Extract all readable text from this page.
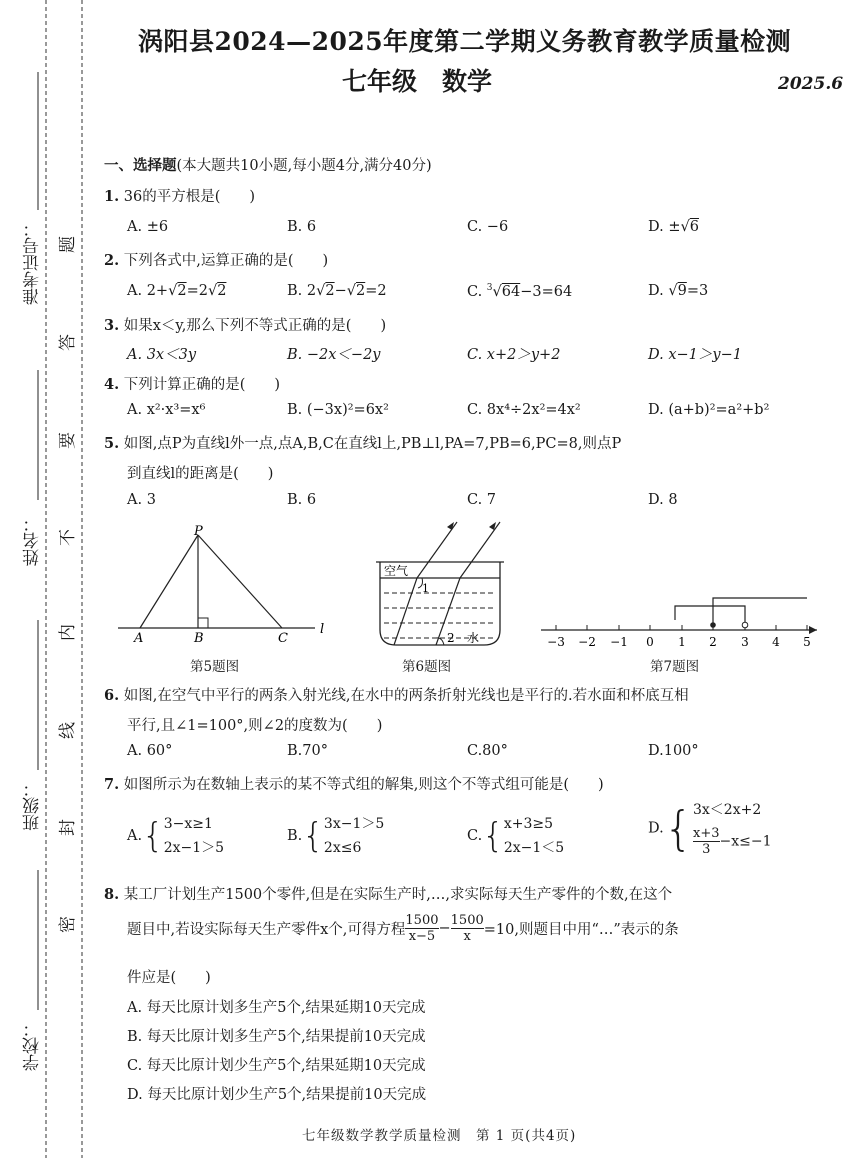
准考证号：
姓名：
班级：
学校：
题
答
要
不
内
线
封
密
涡阳县2024—2025年度第二学期义务教育教学质量检测
七年级　数学	2025.6
一、选择题(本大题共10小题,每小题4分,满分40分)
1. 36的平方根是(　　)
A. ±6	B. 6	C. −6	D. ±√6
2. 下列各式中,运算正确的是(　　)
A. 2+√2=2√2	B. 2√2−√2=2	C. $^3$√64−3=64	D. √9=3
3. 如果x＜y,那么下列不等式正确的是(　　)
A. 3x＜3y	B. −2x＜−2y	C. x+2＞y+2	D. x−1＞y−1
4. 下列计算正确的是(　　)
A. x²·x³=x⁶	B. (−3x)²=6x²	C. 8x⁴÷2x²=4x²	D. (a+b)²=a²+b²
5. 如图,点P为直线l外一点,点A,B,C在直线l上,PB⊥l,PA=7,PB=6,PC=8,则点P
到直线l的距离是(　　)
A. 3	B. 6	C. 7	D. 8
P
A	B	C
l
第5题图
空气
1
2 水
第6题图
−3 −2 −1 0 1 2 3 4 5
第7题图
6. 如图,在空气中平行的两条入射光线,在水中的两条折射光线也是平行的.若水面和杯底互相
平行,且∠1=100°,则∠2的度数为(　　)
A. 60°	B.70°	C.80°	D.100°
7. 如图所示为在数轴上表示的某不等式组的解集,则这个不等式组可能是(　　)
A.{ 3−x≥1
2x−1＞5
B.{ 3x−1＞5
2x≤6
C.{ x+3≥5
2x−1＜5
D.{ 3x＜2x+2
$\frac{x+3}{3} -x\le-1$
8. 某工厂计划生产1500个零件,但是在实际生产时,…,求实际每天生产零件的个数,在这个
题目中,若设实际每天生产零件x个,可得方程 $\frac{1500}{x-5} - \frac{1500}{x} =10$,则题目中用“…”表示的条
件应是(　　)
A. 每天比原计划多生产5个,结果延期10天完成
B. 每天比原计划多生产5个,结果提前10天完成
C. 每天比原计划少生产5个,结果延期10天完成
D. 每天比原计划少生产5个,结果提前10天完成
七年级数学教学质量检测　第 1 页(共4页)
